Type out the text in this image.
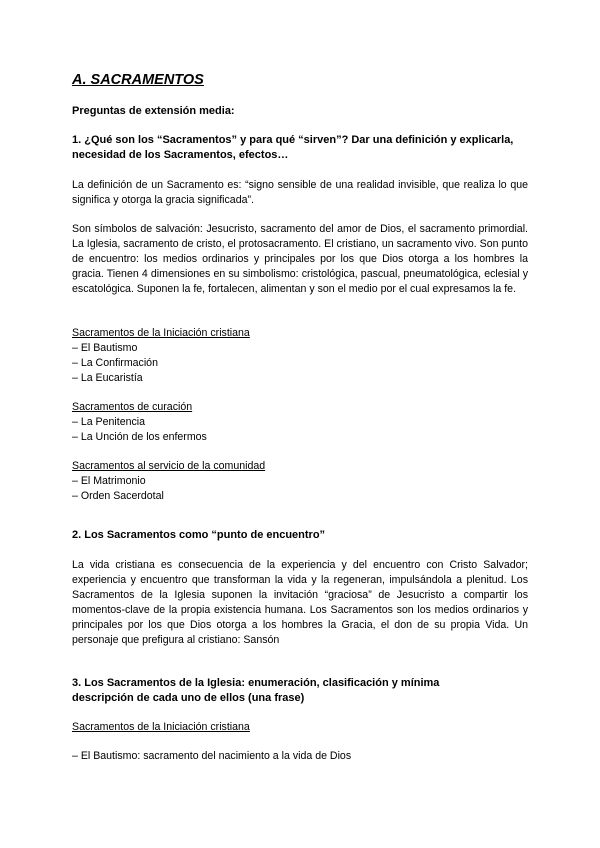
A. SACRAMENTOS
Preguntas de extensión media:
1. ¿Qué son los “Sacramentos” y para qué “sirven”? Dar una definición y explicarla,
necesidad de los Sacramentos, efectos…

La definición de un Sacramento es: “signo sensible de una realidad invisible, que realiza lo que significa y otorga la gracia significada”.

Son símbolos de salvación: Jesucristo, sacramento del amor de Dios, el sacramento primordial. La Iglesia, sacramento de cristo, el protosacramento. El cristiano, un sacramento vivo. Son punto de encuentro: los medios ordinarios y principales por los que Dios otorga a los hombres la gracia. Tienen 4 dimensiones en su simbolismo: cristológica, pascual, pneumatológica, eclesial y escatológica. Suponen la fe, fortalecen, alimentan y son el medio por el cual expresamos la fe.

Sacramentos de la Iniciación cristiana
– El Bautismo
– La Confirmación
– La Eucaristía
Sacramentos de curación
– La Penitencia
– La Unción de los enfermos
Sacramentos al servicio de la comunidad
– El Matrimonio
– Orden Sacerdotal
2. Los Sacramentos como “punto de encuentro”

La vida cristiana es consecuencia de la experiencia y del encuentro con Cristo Salvador; experiencia y encuentro que transforman la vida y la regeneran, impulsándola a plenitud. Los Sacramentos de la Iglesia suponen la invitación “graciosa” de Jesucristo a compartir los momentos-clave de la propia existencia humana. Los Sacramentos son los medios ordinarios y principales por los que Dios otorga a los hombres la Gracia, el don de su propia Vida. Un personaje que prefigura al cristiano: Sansón

3. Los Sacramentos de la Iglesia: enumeración, clasificación y mínima
descripción de cada uno de ellos (una frase)
Sacramentos de la Iniciación cristiana
– El Bautismo: sacramento del nacimiento a la vida de Dios
